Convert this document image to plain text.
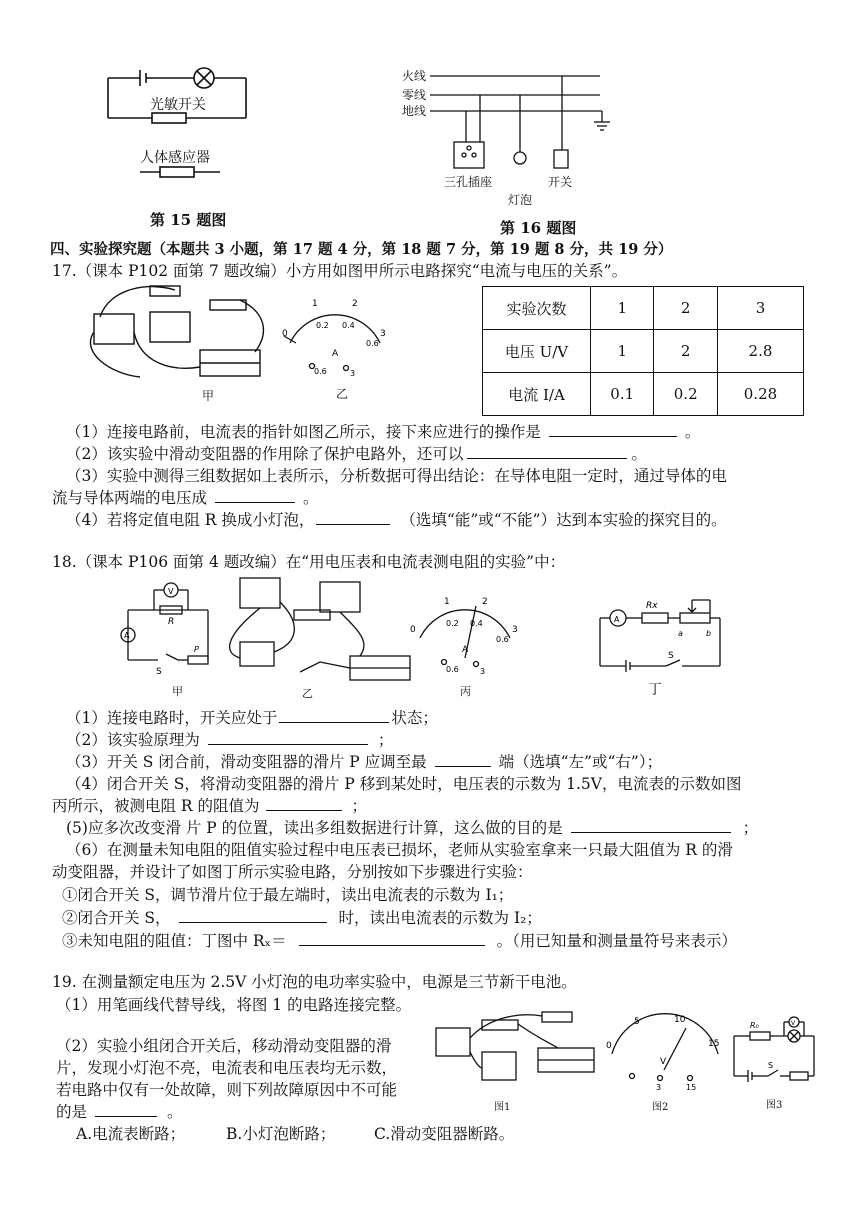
光敏开关
人体感应器
第 15 题图
火线
零线
地线
三孔插座
灯泡
开关
第 16 题图
四、实验探究题（本题共 3 小题，第 17 题 4 分，第 18 题 7 分，第 19 题 8 分，共 19 分）
17.（课本 P102 面第 7 题改编）小方用如图甲所示电路探究“电流与电压的关系”。
甲
0
1	2
3
0.2 0.4
0.6
A
0.6	3
乙
实验次数	1	2	3
电压 U/V	1	2	2.8
电流 I/A	0.1	0.2	0.28
（1）连接电路前，电流表的指针如图乙所示，接下来应进行的操作是	。
（2）该实验中滑动变阻器的作用除了保护电路外，还可以	。
（3）实验中测得三组数据如上表所示，分析数据可得出结论：在导体电阻一定时，通过导体的电
流与导体两端的电压成	。
（4）若将定值电阻 R 换成小灯泡，	（选填“能”或“不能”）达到本实验的探究目的。
18.（课本 P106 面第 4 题改编）在“用电压表和电流表测电阻的实验”中：
V
A
R
S
P
甲	乙
0
1	2
3
0.2 0.4
0.6
A
0.6	3
丙
A
Rx
a	b
S
丁
（1）连接电路时，开关应处于	状态；
（2）该实验原理为	；
（3）开关 S 闭合前，滑动变阻器的滑片 P 应调至最	端（选填“左”或“右”）；
（4）闭合开关 S，将滑动变阻器的滑片 P 移到某处时，电压表的示数为 1.5V，电流表的示数如图
丙所示，被测电阻 R 的阻值为	；
(5)应多次改变滑 片 P 的位置，读出多组数据进行计算，这么做的目的是	；
（6）在测量未知电阻的阻值实验过程中电压表已损坏，老师从实验室拿来一只最大阻值为 R 的滑
动变阻器，并设计了如图丁所示实验电路，分别按如下步骤进行实验：
①闭合开关 S，调节滑片位于最左端时，读出电流表的示数为 I₁；
②闭合开关 S，	时，读出电流表的示数为 I₂；
③未知电阻的阻值：丁图中 Rₓ＝	。（用已知量和测量量符号来表示）
19. 在测量额定电压为 2.5V 小灯泡的电功率实验中，电源是三节新干电池。
（1）用笔画线代替导线，将图 1 的电路连接完整。
（2）实验小组闭合开关后，移动滑动变阻器的滑
片，发现小灯泡不亮，电流表和电压表均无示数，
若电路中仅有一处故障，则下列故障原因中不可能
的是	。
A.电流表断路；	B.小灯泡断路； C.滑动变阻器断路。
图1
0
5	10
15
V
3	15
图2
R₀	V
S
图3
